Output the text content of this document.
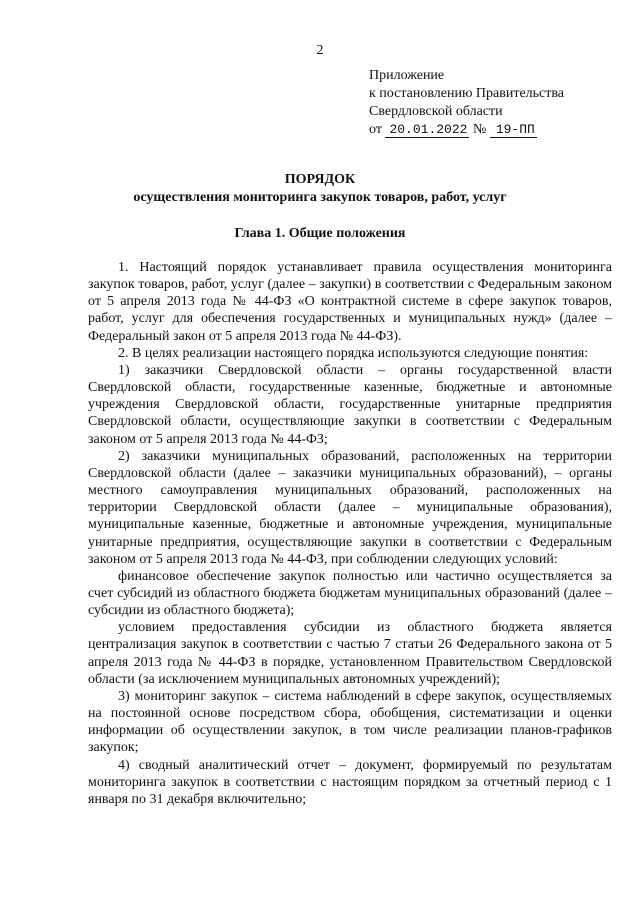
2
Приложение
к постановлению Правительства
Свердловской области
от 20.01.2022 № 19-ПП
ПОРЯДОК
осуществления мониторинга закупок товаров, работ, услуг
Глава 1. Общие положения

1. Настоящий порядок устанавливает правила осуществления мониторинга закупок товаров, работ, услуг (далее – закупки) в соответствии с Федеральным законом от 5 апреля 2013 года № 44-ФЗ «О контрактной системе в сфере закупок товаров, работ, услуг для обеспечения государственных и муниципальных нужд» (далее – Федеральный закон от 5 апреля 2013 года № 44-ФЗ).

2. В целях реализации настоящего порядка используются следующие понятия:

1) заказчики Свердловской области – органы государственной власти Свердловской области, государственные казенные, бюджетные и автономные учреждения Свердловской области, государственные унитарные предприятия Свердловской области, осуществляющие закупки в соответствии с Федеральным законом от 5 апреля 2013 года № 44-ФЗ;

2) заказчики муниципальных образований, расположенных на территории Свердловской области (далее – заказчики муниципальных образований), – органы местного самоуправления муниципальных образований, расположенных на территории Свердловской области (далее – муниципальные образования), муниципальные казенные, бюджетные и автономные учреждения, муниципальные унитарные предприятия, осуществляющие закупки в соответствии с Федеральным законом от 5 апреля 2013 года № 44-ФЗ, при соблюдении следующих условий:

финансовое обеспечение закупок полностью или частично осуществляется за счет субсидий из областного бюджета бюджетам муниципальных образований (далее – субсидии из областного бюджета);

условием предоставления субсидии из областного бюджета является централизация закупок в соответствии с частью 7 статьи 26 Федерального закона от 5 апреля 2013 года № 44-ФЗ в порядке, установленном Правительством Свердловской области (за исключением муниципальных автономных учреждений);

3) мониторинг закупок – система наблюдений в сфере закупок, осуществляемых на постоянной основе посредством сбора, обобщения, систематизации и оценки информации об осуществлении закупок, в том числе реализации планов-графиков закупок;

4) сводный аналитический отчет – документ, формируемый по результатам мониторинга закупок в соответствии с настоящим порядком за отчетный период с 1 января по 31 декабря включительно;
